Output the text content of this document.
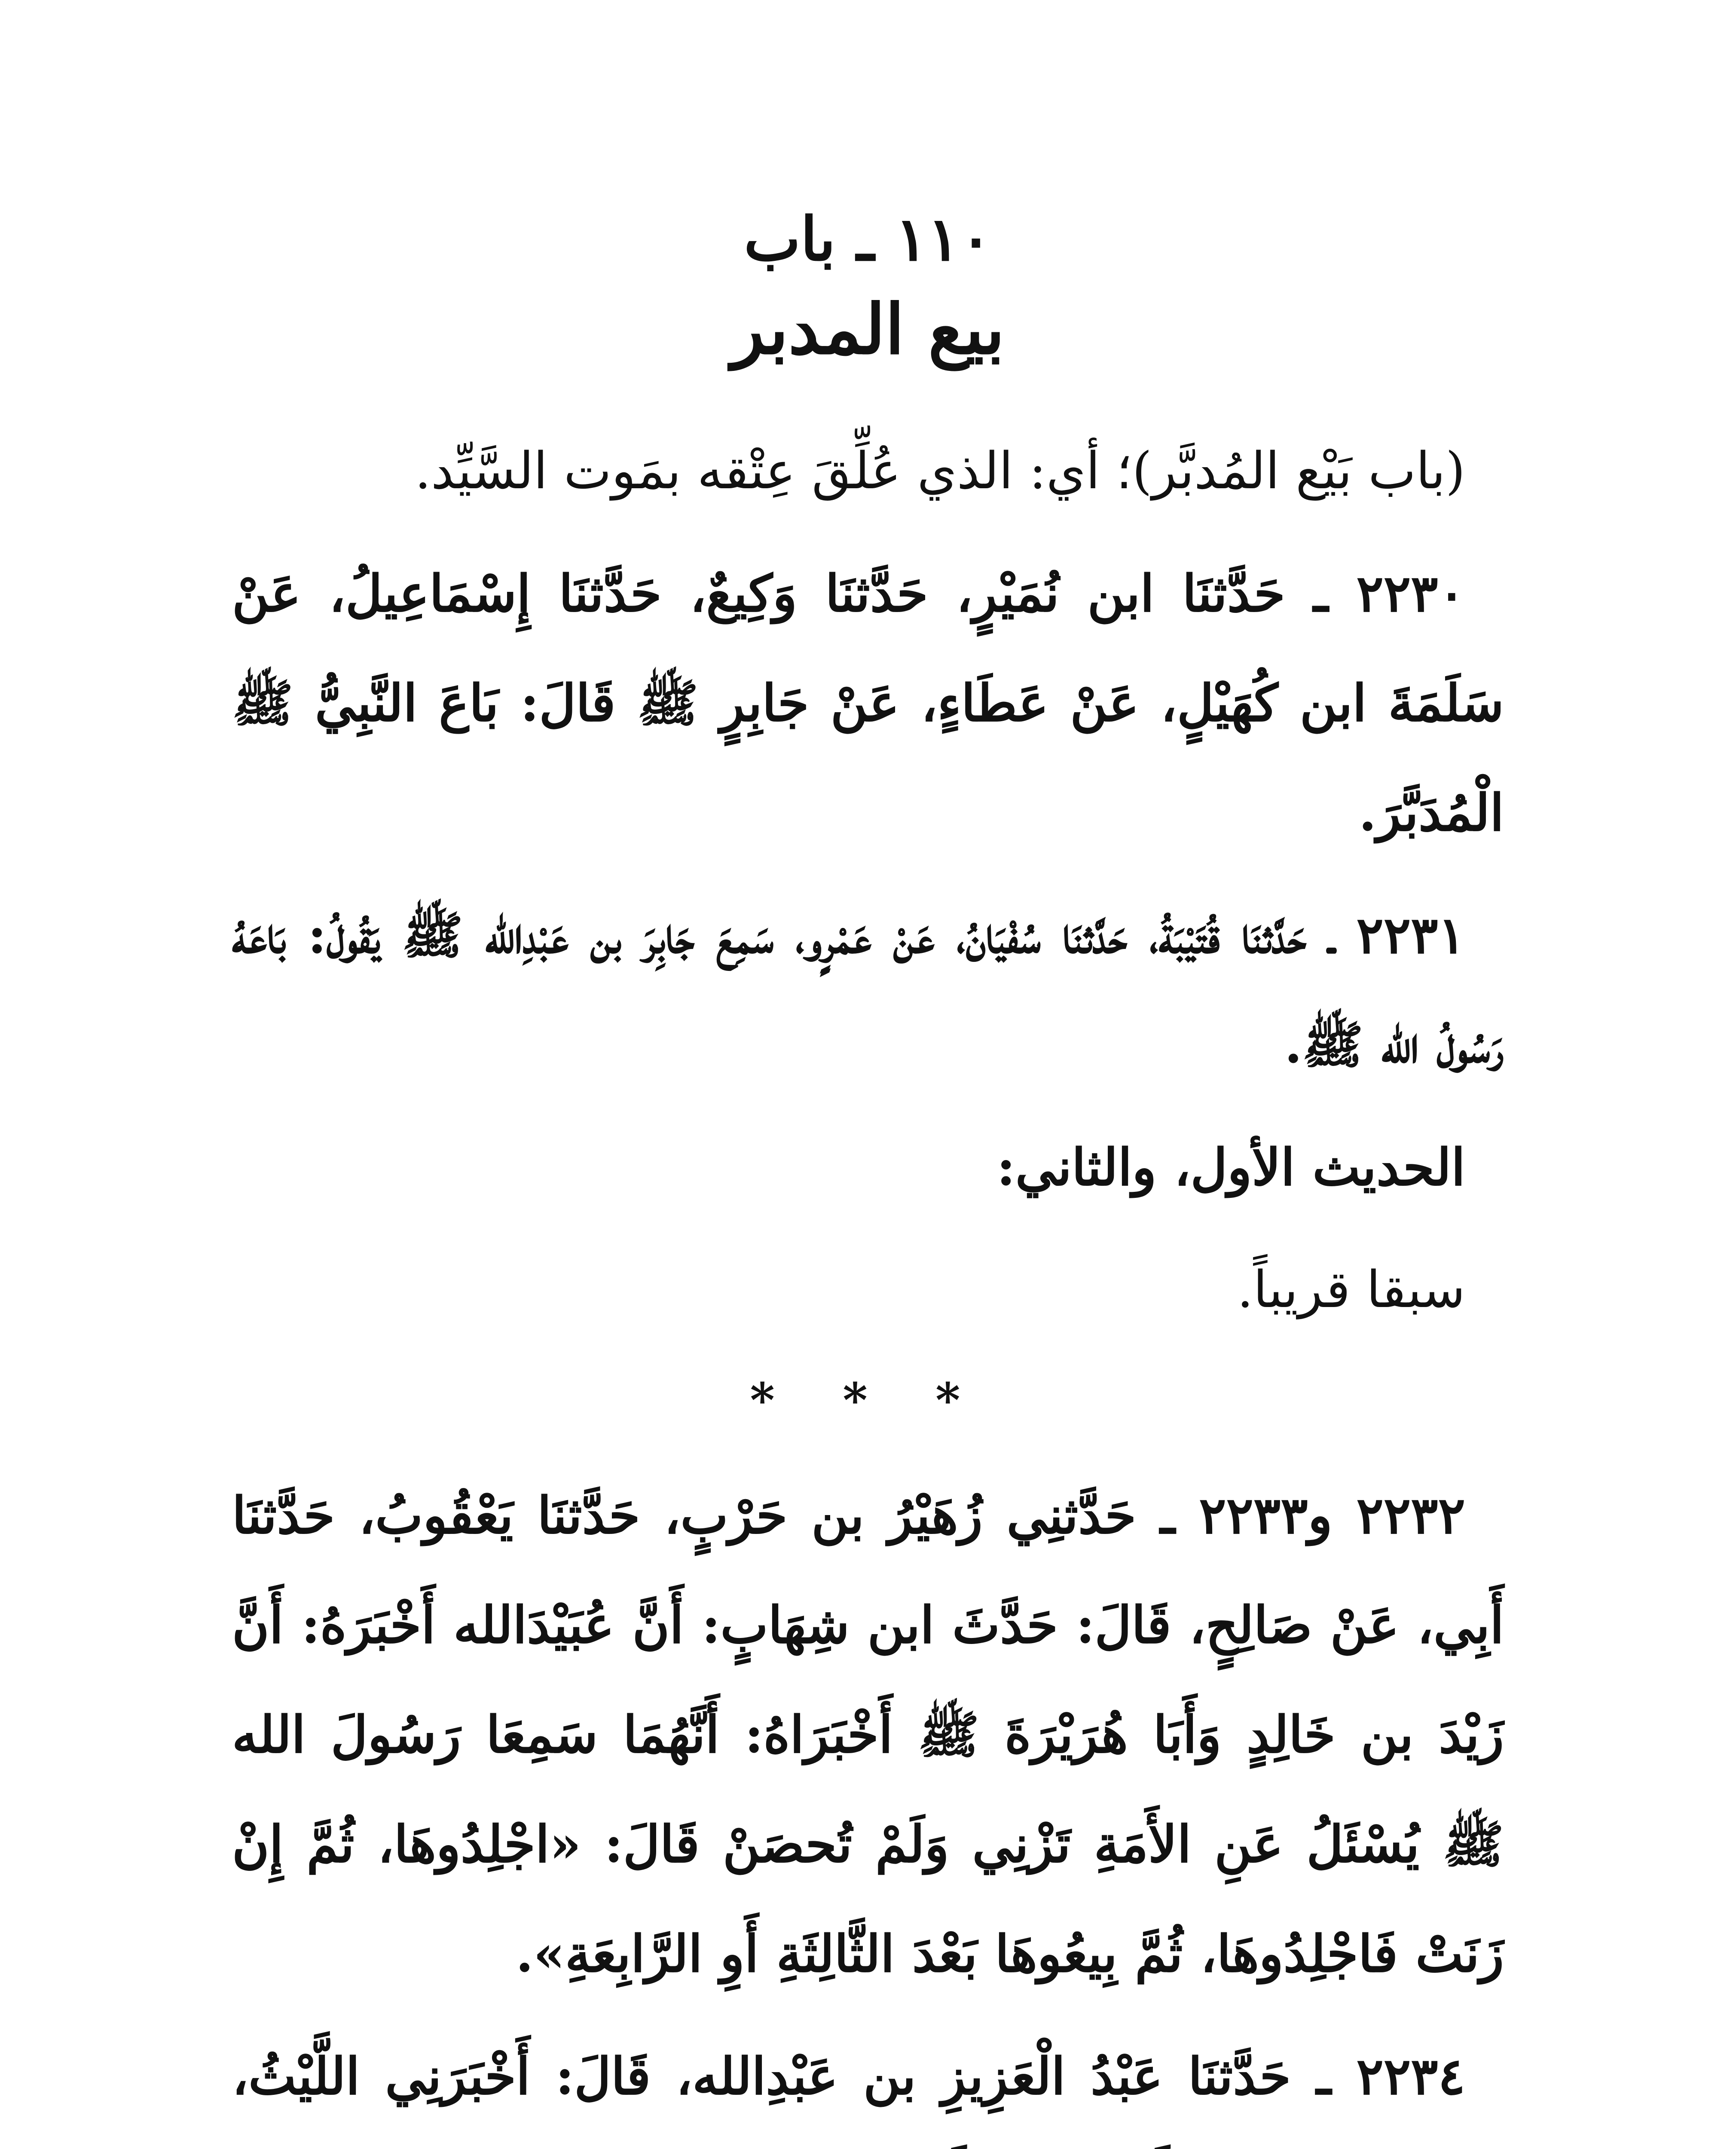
١١٠ ـ باب
بيع المدبر

(باب بَيْع المُدبَّر)؛ أي: الذي عُلِّقَ عِتْقه بمَوت السَّيِّد.

٢٢٣٠ ـ حَدَّثنَا ابن نُمَيْرٍ، حَدَّثنَا وَكِيعٌ، حَدَّثنَا إِسْمَاعِيلُ، عَنْ سَلَمَةَ ابن كُهَيْلٍ، عَنْ عَطَاءٍ، عَنْ جَابِرٍ ﷺ قَالَ: بَاعَ النَّبِيُّ ﷺ الْمُدَبَّرَ.

٢٢٣١ ـ حَدَّثنَا قُتَيْبَةُ، حَدَّثنَا سُفْيَانُ، عَنْ عَمْرٍو، سَمِعَ جَابِرَ بن عَبْدِالله ﷺ يَقُولُ: بَاعَهُ رَسُولُ الله ﷺ.

الحديث الأول، والثاني:

سبقا قريباً.

* * *

٢٢٣٢ و٢٢٣٣ ـ حَدَّثنِي زُهَيْرُ بن حَرْبٍ، حَدَّثنَا يَعْقُوبُ، حَدَّثنَا أَبِي، عَنْ صَالِحٍ، قَالَ: حَدَّثَ ابن شِهَابٍ: أَنَّ عُبَيْدَالله أَخْبَرَهُ: أَنَّ زَيْدَ بن خَالِدٍ وَأَبَا هُرَيْرَةَ ﷺ أَخْبَرَاهُ: أَنَّهُمَا سَمِعَا رَسُولَ الله ﷺ يُسْئَلُ عَنِ الأَمَةِ تَزْنِي وَلَمْ تُحصَنْ قَالَ: «اجْلِدُوهَا، ثُمَّ إِنْ زَنَتْ فَاجْلِدُوهَا، ثُمَّ بِيعُوهَا بَعْدَ الثَّالِثَةِ أَوِ الرَّابِعَةِ».

٢٢٣٤ ـ حَدَّثنَا عَبْدُ الْعَزِيزِ بن عَبْدِالله، قَالَ: أَخْبَرَنِي اللَّيْثُ،
